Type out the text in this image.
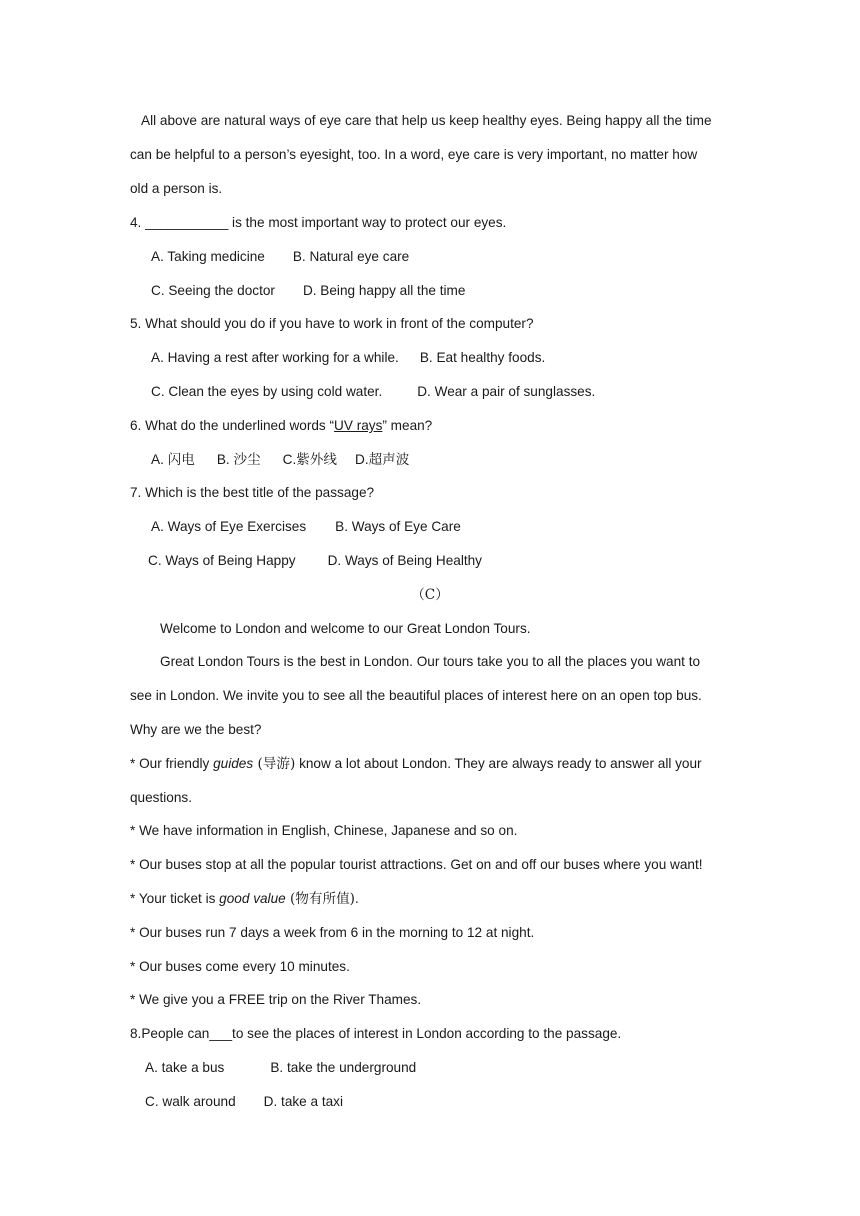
All above are natural ways of eye care that help us keep healthy eyes. Being happy all the time
can be helpful to a person’s eyesight, too. In a word, eye care is very important, no matter how
old a person is.
4. ___________ is the most important way to protect our eyes.
A. Taking medicine B. Natural eye care
C. Seeing the doctor D. Being happy all the time
5. What should you do if you have to work in front of the computer?
A. Having a rest after working for a while. B. Eat healthy foods.
C. Clean the eyes by using cold water.	D. Wear a pair of sunglasses.
6. What do the underlined words “UV rays” mean?
A. 闪电 B. 沙尘 C.紫外线 D.超声波
7. Which is the best title of the passage?
A. Ways of Eye Exercises B. Ways of Eye Care
C. Ways of Being Happy D. Ways of Being Healthy
（C）
Welcome to London and welcome to our Great London Tours.
Great London Tours is the best in London. Our tours take you to all the places you want to
see in London. We invite you to see all the beautiful places of interest here on an open top bus.
Why are we the best?
* Our friendly guides (导游) know a lot about London. They are always ready to answer all your
questions.
* We have information in English, Chinese, Japanese and so on.
* Our buses stop at all the popular tourist attractions. Get on and off our buses where you want!
* Your ticket is good value (物有所值).
* Our buses run 7 days a week from 6 in the morning to 12 at night.
* Our buses come every 10 minutes.
* We give you a FREE trip on the River Thames.
8.People can___to see the places of interest in London according to the passage.
A. take a bus	B. take the underground
C. walk around D. take a taxi
